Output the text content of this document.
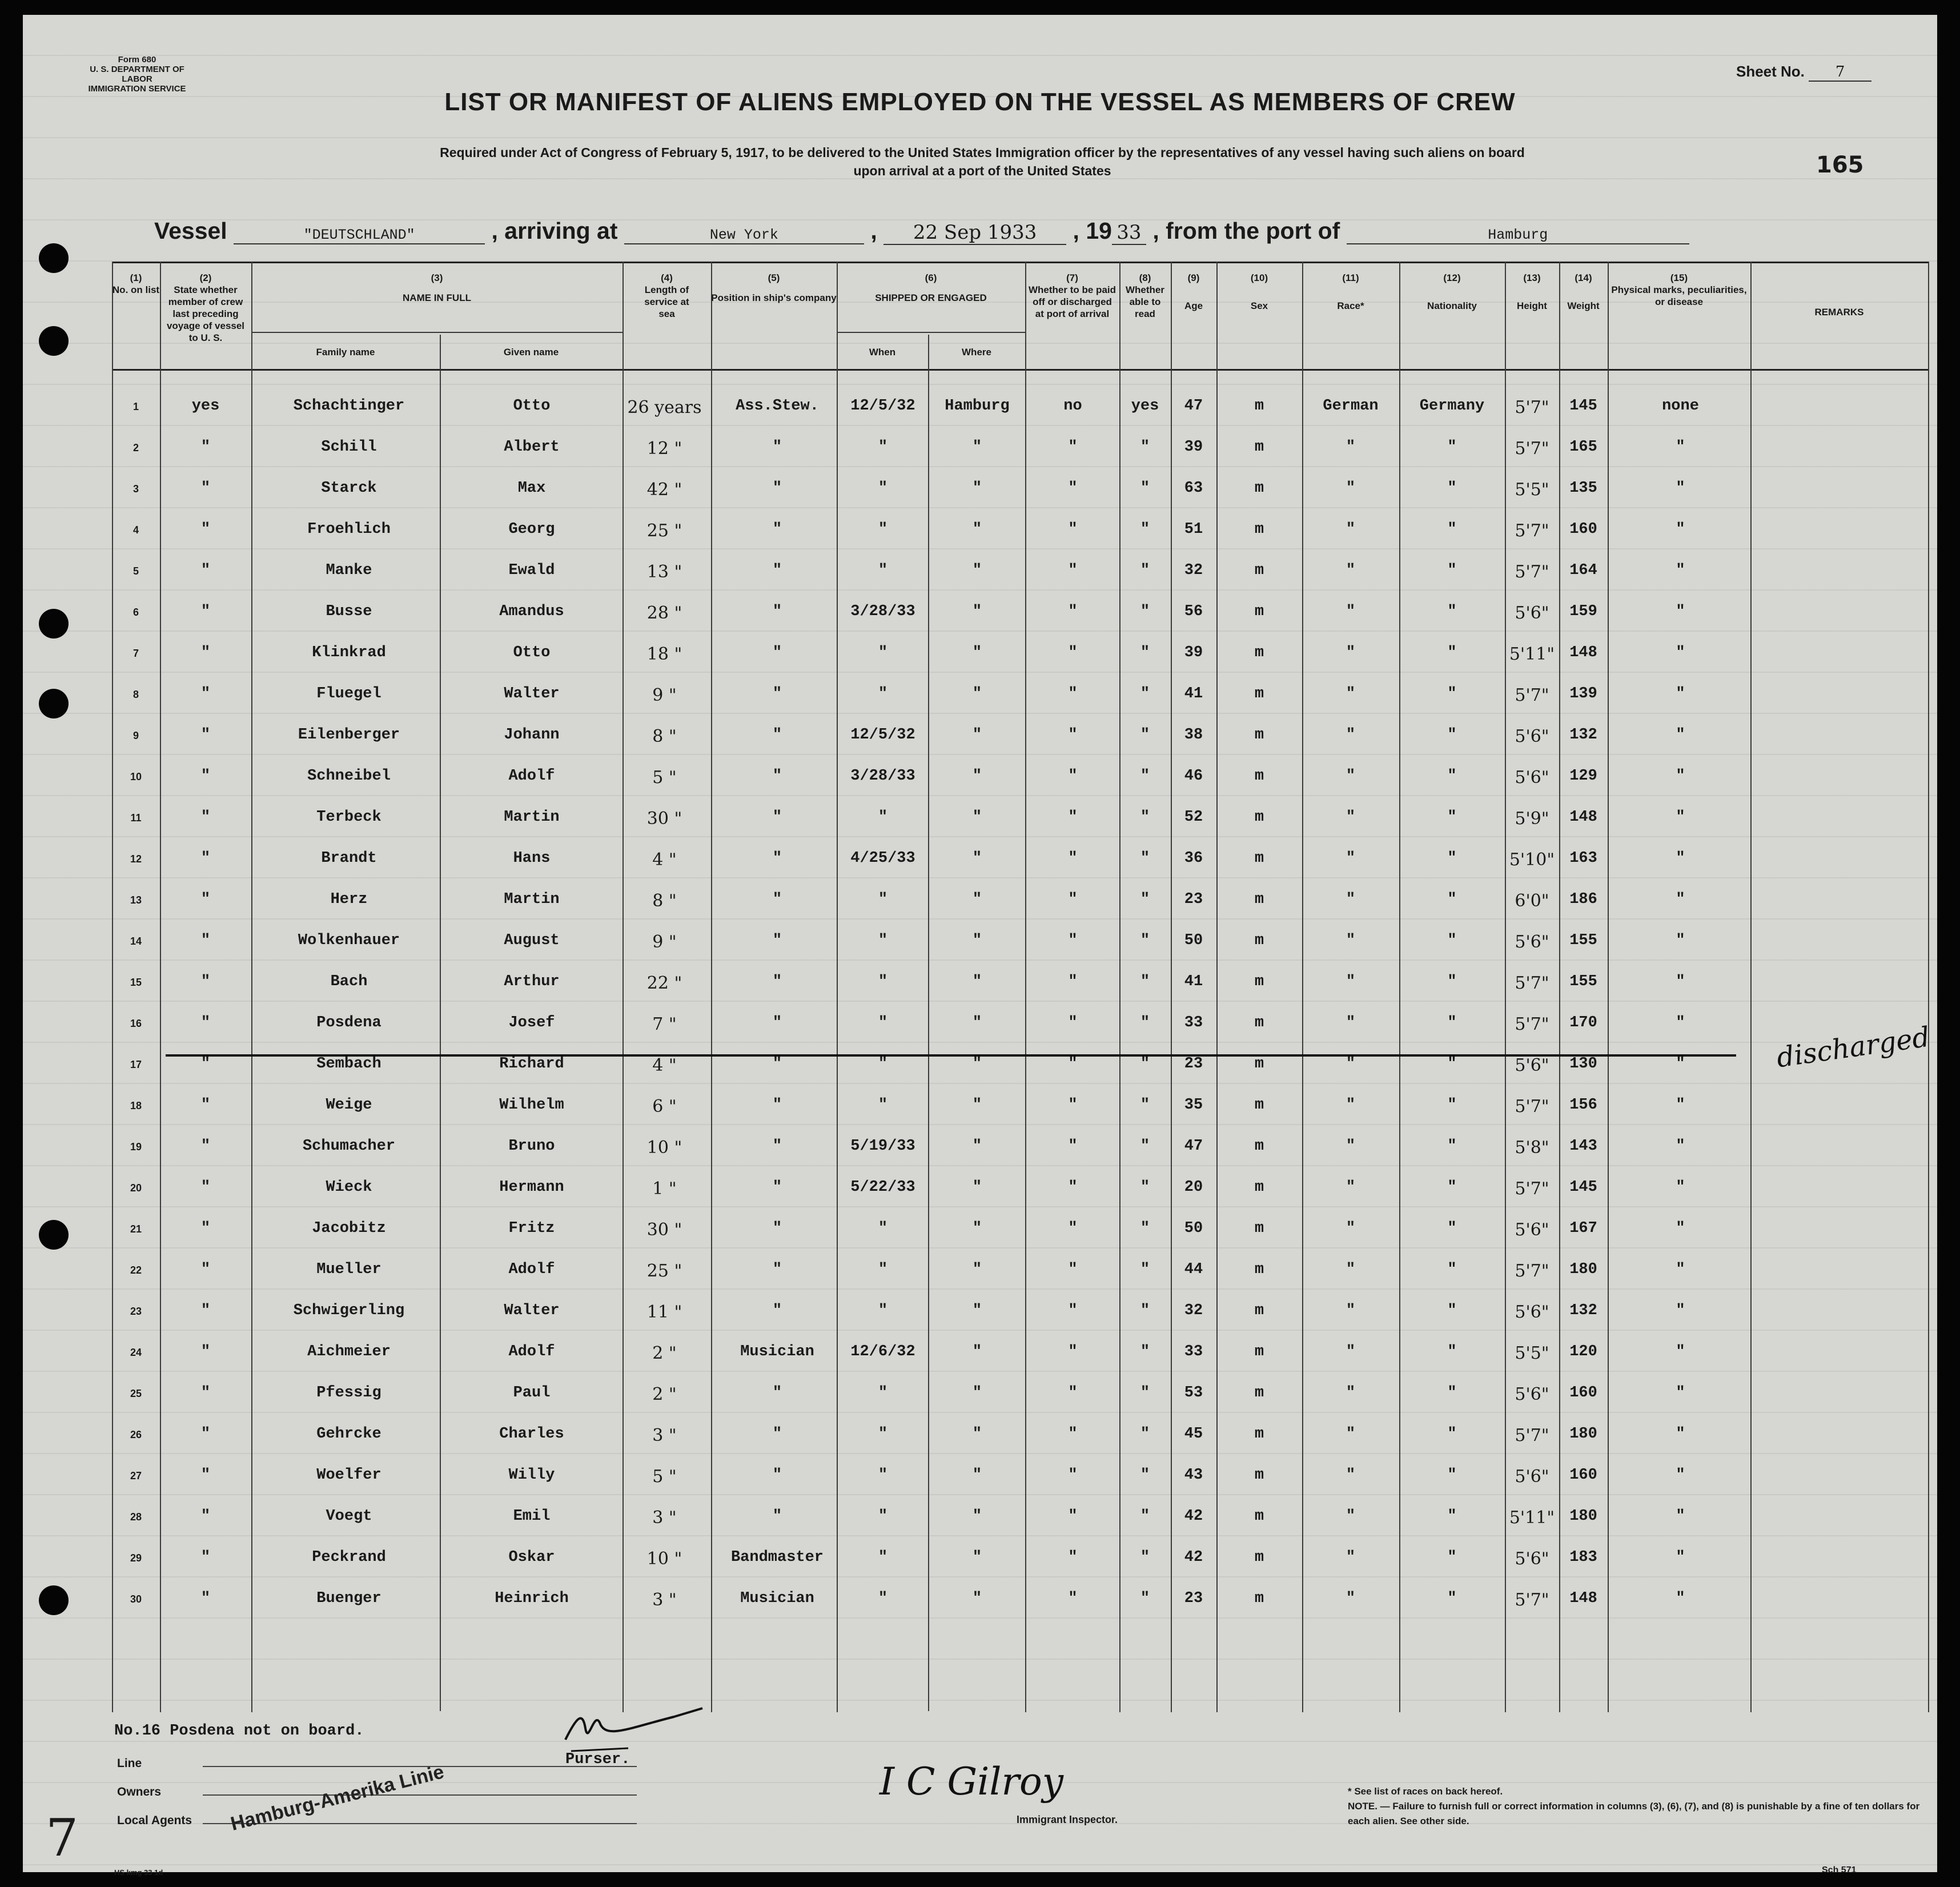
Form 680
U. S. DEPARTMENT OF LABOR
IMMIGRATION SERVICE
Sheet No. 7
LIST OR MANIFEST OF ALIENS EMPLOYED ON THE VESSEL AS MEMBERS OF CREW
Required under Act of Congress of February 5, 1917, to be delivered to the United States Immigration officer by the representatives of any vessel having such aliens on board
upon arrival at a port of the United States	165
Vessel	"DEUTSCHLAND"	, arriving at	New York	, 22 Sep 1933 , 19 33 , from the port of	Hamburg
(1)
No. on list
(2)
State whether member of crew last preceding voyage of vessel to U. S.
(3)
NAME IN FULL
Family name	Given name
(4)
Length of service at sea
(5)
Position in ship's company
(6)
SHIPPED OR ENGAGED
When	Where
(7)
Whether to be paid off or discharged at port of arrival
(8)
Whether able to read
(9)
Age
(10)
Sex
(11)
Race*
(12)
Nationality
(13)
Height
(14)
Weight
(15)
Physical marks, peculiarities, or disease
REMARKS
1	yes	Schachtinger	Otto	26 years	Ass.Stew.	12/5/32	Hamburg	no	yes	47	m	German	Germany	5'7"	145	none
2	"	Schill	Albert	12 "	"	"	"	"	"	39	m	"	"	5'7"	165	"
3	"	Starck	Max	42 "	"	"	"	"	"	63	m	"	"	5'5"	135	"
4	"	Froehlich	Georg	25 "	"	"	"	"	"	51	m	"	"	5'7"	160	"
5	"	Manke	Ewald	13 "	"	"	"	"	"	32	m	"	"	5'7"	164	"
6	"	Busse	Amandus	28 "	"	3/28/33	"	"	"	56	m	"	"	5'6"	159	"
7	"	Klinkrad	Otto	18 "	"	"	"	"	"	39	m	"	"	5'11" 148	"
8	"	Fluegel	Walter	9 "	"	"	"	"	"	41	m	"	"	5'7"	139	"
9	"	Eilenberger	Johann	8 "	"	12/5/32	"	"	"	38	m	"	"	5'6"	132	"
10	"	Schneibel	Adolf	5 "	"	3/28/33	"	"	"	46	m	"	"	5'6"	129	"
11	"	Terbeck	Martin	30 "	"	"	"	"	"	52	m	"	"	5'9"	148	"
12	"	Brandt	Hans	4 "	"	4/25/33	"	"	"	36	m	"	"	5'10" 163	"
13	"	Herz	Martin	8 "	"	"	"	"	"	23	m	"	"	6'0"	186	"
14	"	Wolkenhauer	August	9 "	"	"	"	"	"	50	m	"	"	5'6"	155	"
15	"	Bach	Arthur	22 "	"	"	"	"	"	41	m	"	"	5'7"	155	"
16	"	Posdena	Josef	7 "	"	"	"	"	"	33	m	"	"	5'7"	170	"
17	"	Sembach	Richard	4 "	"	"	"	"	"	23	m	"	"	5'6"	130	"
18	"	Weige	Wilhelm	6 "	"	"	"	"	"	35	m	"	"	5'7"	156	"
19	"	Schumacher	Bruno	10 "	"	5/19/33	"	"	"	47	m	"	"	5'8"	143	"
20	"	Wieck	Hermann	1 "	"	5/22/33	"	"	"	20	m	"	"	5'7"	145	"
21	"	Jacobitz	Fritz	30 "	"	"	"	"	"	50	m	"	"	5'6"	167	"
22	"	Mueller	Adolf	25 "	"	"	"	"	"	44	m	"	"	5'7"	180	"
23	"	Schwigerling	Walter	11 "	"	"	"	"	"	32	m	"	"	5'6"	132	"
24	"	Aichmeier	Adolf	2 "	Musician	12/6/32	"	"	"	33	m	"	"	5'5"	120	"
25	"	Pfessig	Paul	2 "	"	"	"	"	"	53	m	"	"	5'6"	160	"
26	"	Gehrcke	Charles	3 "	"	"	"	"	"	45	m	"	"	5'7"	180	"
27	"	Woelfer	Willy	5 "	"	"	"	"	"	43	m	"	"	5'6"	160	"
28	"	Voegt	Emil	3 "	"	"	"	"	"	42	m	"	"	5'11" 180	"
29	"	Peckrand	Oskar	10 "	Bandmaster	"	"	"	"	42	m	"	"	5'6"	183	"
30	"	Buenger	Heinrich	3 "	Musician	"	"	"	"	23	m	"	"	5'7"	148	"
discharged
No.16 Posdena not on board.
Line
Owners
Local Agents
Purser.
Hamburg-Amerika Linie	I C Gilroy
Immigrant Inspector.
* See list of races on back hereof.
NOTE. — Failure to furnish full or correct information in columns (3), (6), (7), and (8) is punishable by a fine of ten dollars for each alien. See other side.
HS kmg 33 1d	Sch 571
7
